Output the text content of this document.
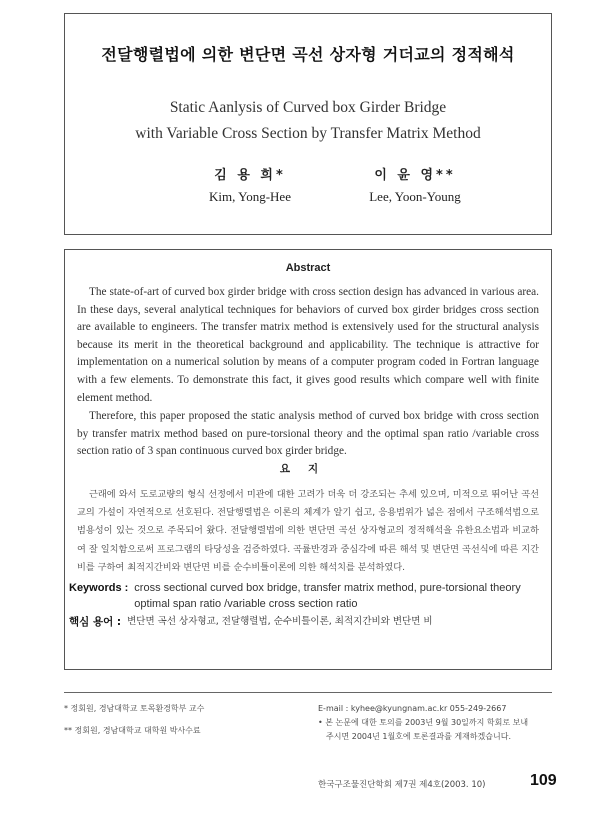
전달행렬법에 의한 변단면 곡선 상자형 거더교의 정적해석
Static Aanlysis of Curved box Girder Bridge
with Variable Cross Section by Transfer Matrix Method
김 용 희*
Kim, Yong-Hee
이 윤 영**
Lee, Yoon-Young
Abstract
The state-of-art of curved box girder bridge with cross section design has advanced in various area. In these days, several analytical techniques for behaviors of curved box girder bridges cross section are available to engineers. The transfer matrix method is extensively used for the structural analysis because its merit in the theoretical background and applicability. The technique is attractive for implementation on a numerical solution by means of a computer program coded in Fortran language with a few elements. To demonstrate this fact, it gives good results which compare well with finite element method.
Therefore, this paper proposed the static analysis method of curved box bridge with cross section by transfer matrix method based on pure-torsional theory and the optimal span ratio /variable cross section ratio of 3 span continuous curved box girder bridge.
요지
근래에 와서 도로교량의 형식 선정에서 미관에 대한 고려가 더욱 더 강조되는 추세 있으며, 미적으로 뛰어난 곡선교의 가설이 자연적으로 선호된다. 전달행렬법은 이론의 체계가 알기 쉽고, 응용범위가 넓은 점에서 구조해석법으로 범용성이 있는 것으로 주목되어 왔다. 전달행렬법에 의한 변단면 곡선 상자형교의 정적해석을 유한요소법과 비교하여 잘 일치함으로써 프로그램의 타당성을 검증하였다. 곡률반경과 중심각에 따른 해석 및 변단면 곡선식에 따른 지간비를 구하여 최적지간비와 변단면 비를 순수비틀이론에 의한 해석치를 분석하였다.
Keywords : cross sectional curved box bridge, transfer matrix method, pure-torsional theory optimal span ratio /variable cross section ratio
핵심 용어 : 변단면 곡선 상자형교, 전달행렬법, 순수비틀이론, 최적지간비와 변단면 비
* 정회원, 경남대학교 토목환경학부 교수
** 정회원, 경남대학교 대학원 박사수료
E-mail : kyhee@kyungnam.ac.kr 055-249-2667
• 본 논문에 대한 토의를 2003년 9월 30일까지 학회로 보내
주시면 2004년 1월호에 토론결과를 게재하겠습니다.
한국구조물진단학회 제7권 제4호(2003. 10)	109
